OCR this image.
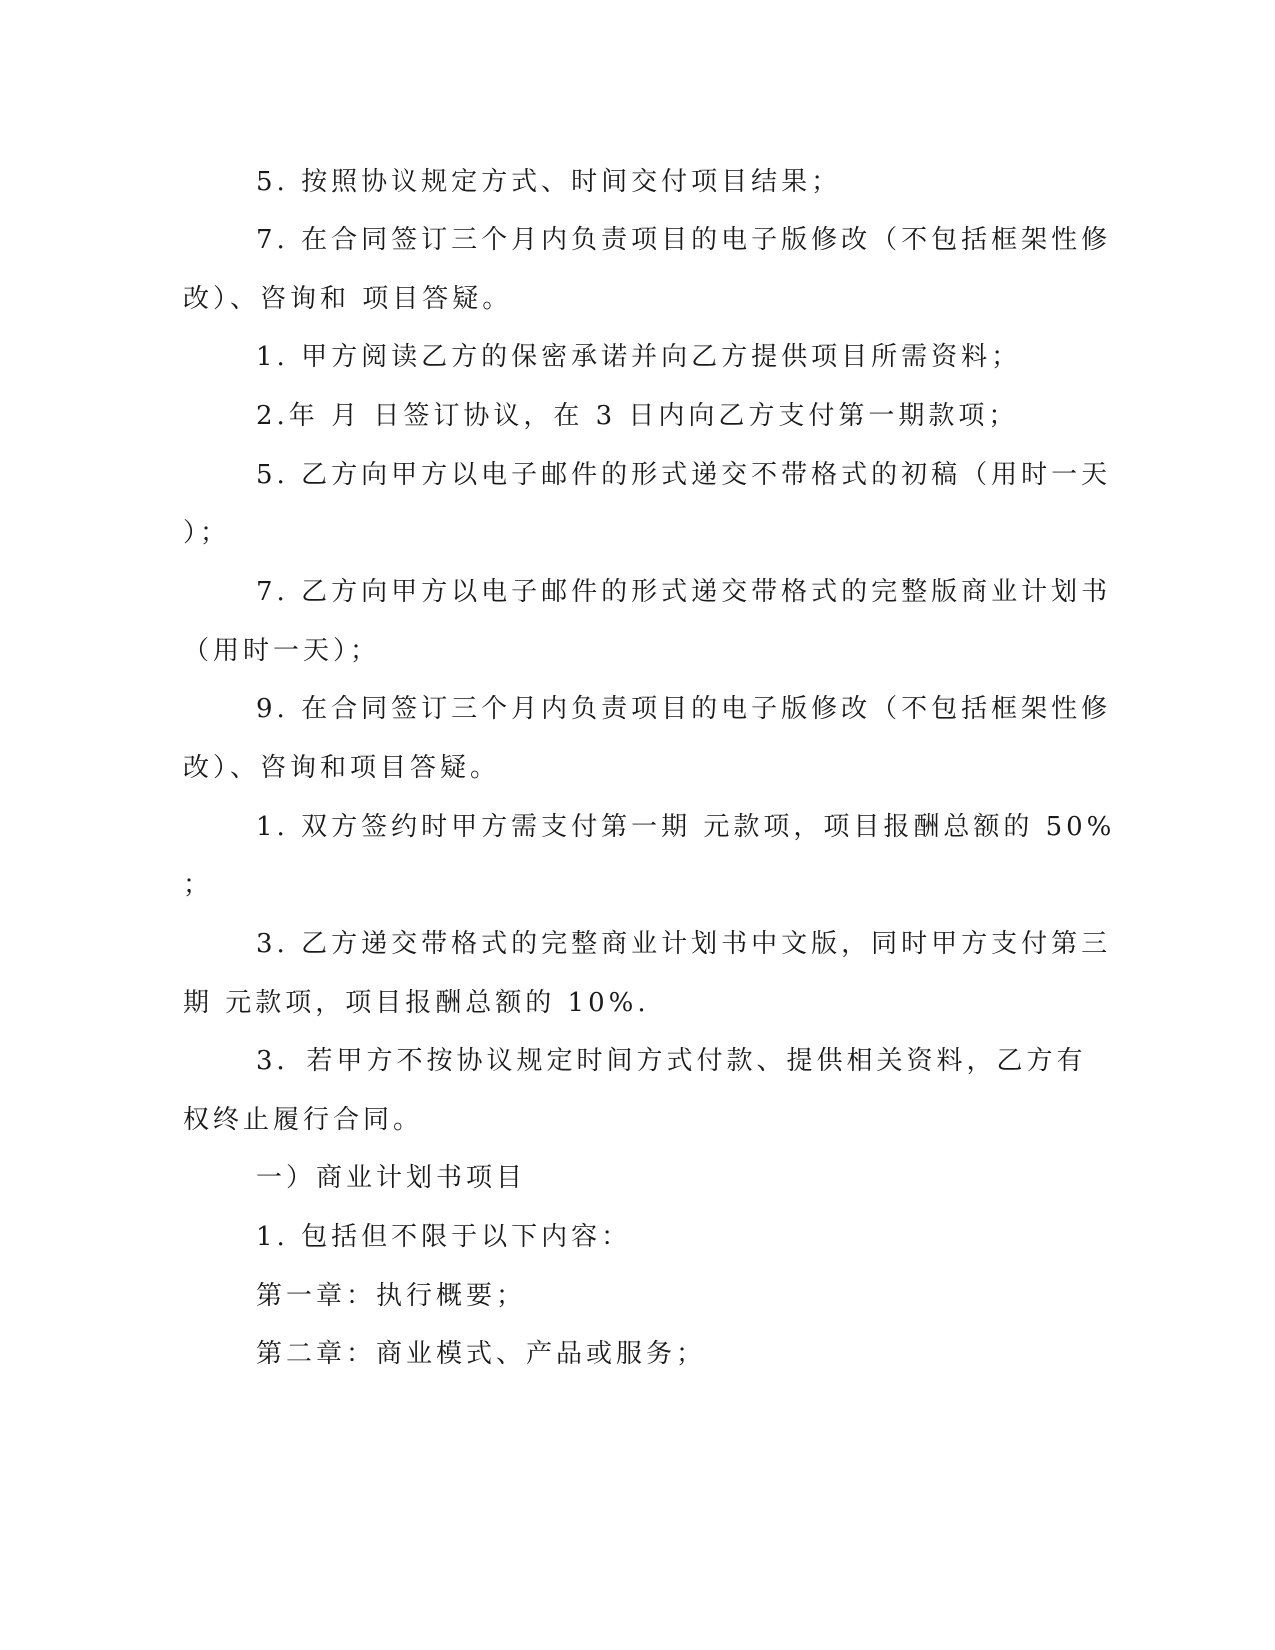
5. 按照协议规定方式、时间交付项目结果；
7. 在合同签订三个月内负责项目的电子版修改（不包括框架性修
改）、咨询和 项目答疑。
1. 甲方阅读乙方的保密承诺并向乙方提供项目所需资料；
2.年 月 日签订协议，在 3 日内向乙方支付第一期款项；
5. 乙方向甲方以电子邮件的形式递交不带格式的初稿（用时一天
）；
7. 乙方向甲方以电子邮件的形式递交带格式的完整版商业计划书
（用时一天）；
9. 在合同签订三个月内负责项目的电子版修改（不包括框架性修
改）、咨询和项目答疑。
1. 双方签约时甲方需支付第一期 元款项，项目报酬总额的 50%
；
3. 乙方递交带格式的完整商业计划书中文版，同时甲方支付第三
期 元款项，项目报酬总额的 10%.
3．若甲方不按协议规定时间方式付款、提供相关资料，乙方有
权终止履行合同。
一）商业计划书项目
1. 包括但不限于以下内容：
第一章：执行概要；
第二章：商业模式、产品或服务；
